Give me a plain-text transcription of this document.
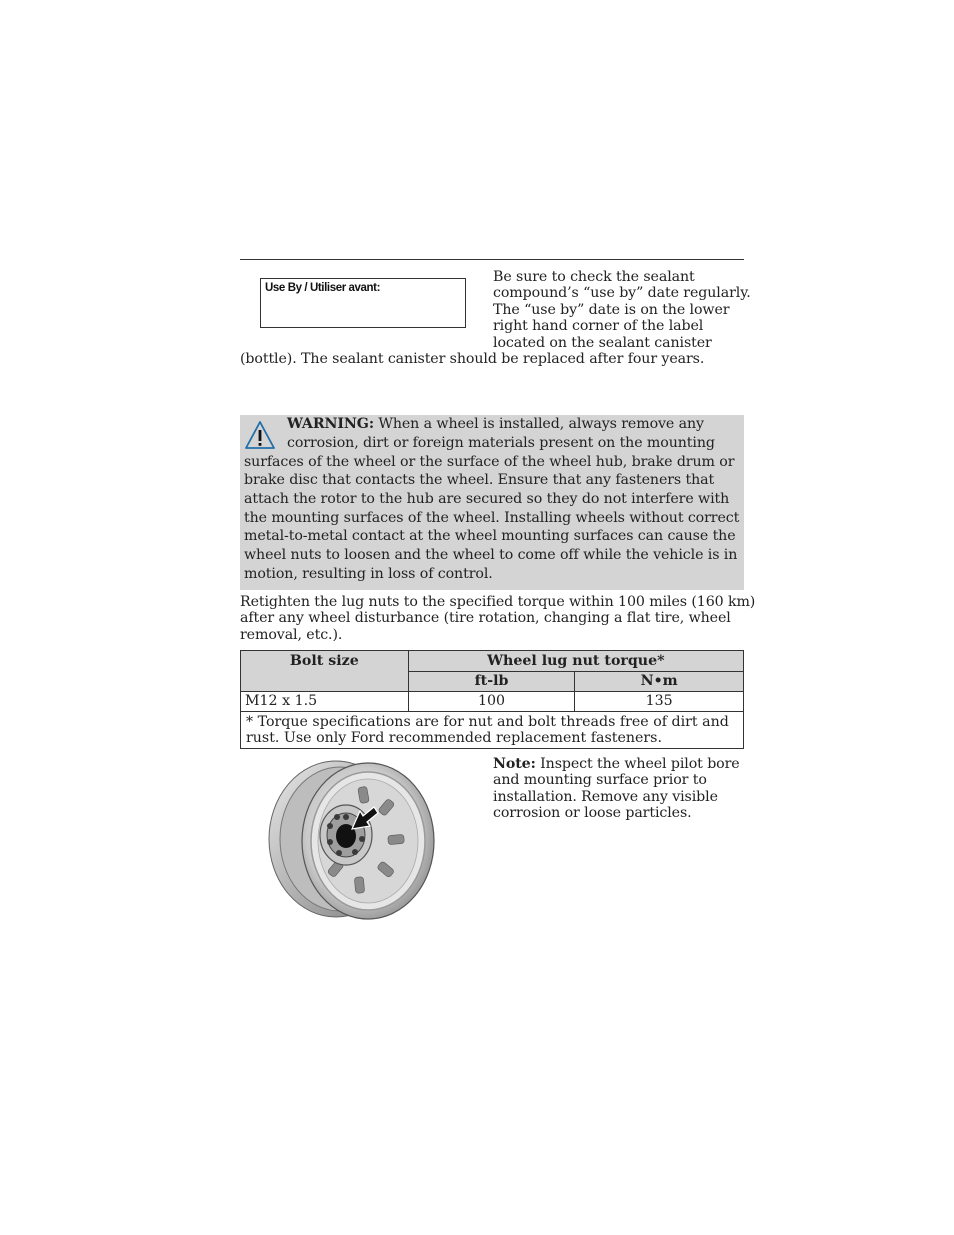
Use By / Utiliser avant:
Be sure to check the sealant
compound’s “use by” date regularly.
The “use by” date is on the lower
right hand corner of the label
located on the sealant canister
(bottle). The sealant canister should be replaced after four years.
WARNING: When a wheel is installed, always remove any
corrosion, dirt or foreign materials present on the mounting
surfaces of the wheel or the surface of the wheel hub, brake drum or
brake disc that contacts the wheel. Ensure that any fasteners that
attach the rotor to the hub are secured so they do not interfere with
the mounting surfaces of the wheel. Installing wheels without correct
metal-to-metal contact at the wheel mounting surfaces can cause the
wheel nuts to loosen and the wheel to come off while the vehicle is in
motion, resulting in loss of control.
Retighten the lug nuts to the specified torque within 100 miles (160 km)
after any wheel disturbance (tire rotation, changing a flat tire, wheel
removal, etc.).
Bolt size	Wheel lug nut torque*	
	ft-lb	N•m
M12 x 1.5	100	135

* Torque specifications are for nut and bolt threads free of dirt and
rust. Use only Ford recommended replacement fasteners.		
Note: Inspect the wheel pilot bore
and mounting surface prior to
installation. Remove any visible
corrosion or loose particles.
